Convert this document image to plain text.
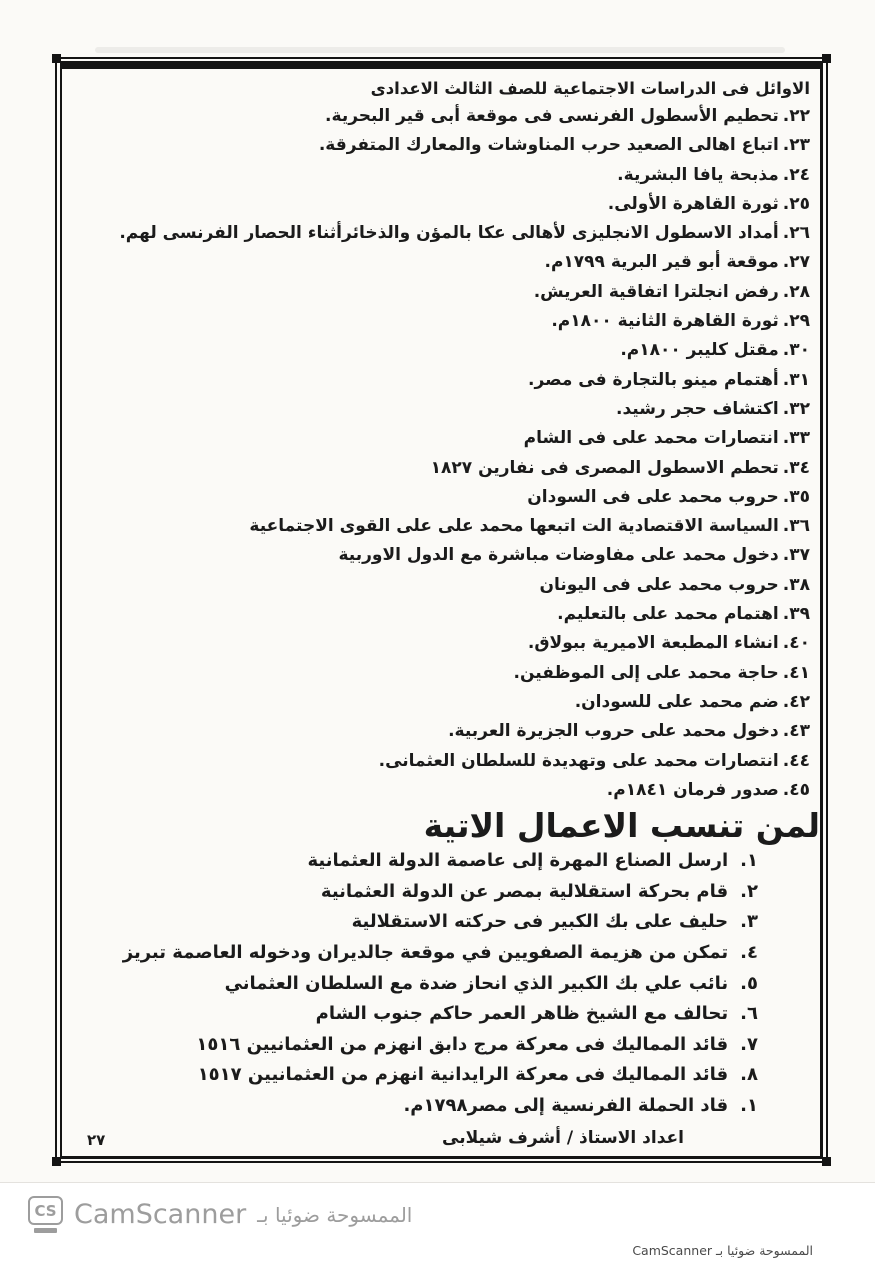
الاوائل فى الدراسات الاجتماعية للصف الثالث الاعدادى
٢٢.تحطيم الأسطول الفرنسى فى موقعة أبى قير البحرية.
٢٣.اتباع اهالى الصعيد حرب المناوشات والمعارك المتفرقة.
٢٤.مذبحة يافا البشرية.
٢٥.ثورة القاهرة الأولى.
٢٦.أمداد الاسطول الانجليزى لأهالى عكا بالمؤن والذخائرأثناء الحصار الفرنسى لهم.
٢٧.موقعة أبو قير البرية ١٧٩٩م.
٢٨.رفض انجلترا اتفاقية العريش.
٢٩.ثورة القاهرة الثانية ١٨٠٠م.
٣٠.مقتل كليبر ١٨٠٠م.
٣١.أهتمام مينو بالتجارة فى مصر.
٣٢.اكتشاف حجر رشيد.
٣٣.انتصارات محمد على فى الشام
٣٤.تحطم الاسطول المصرى فى نفارين ١٨٢٧
٣٥.حروب محمد على فى السودان
٣٦.السياسة الاقتصادية الت اتبعها محمد على على القوى الاجتماعية
٣٧.دخول محمد على مفاوضات مباشرة مع الدول الاوربية
٣٨.حروب محمد على فى اليونان
٣٩.اهتمام محمد على بالتعليم.
٤٠.انشاء المطبعة الاميرية ببولاق.
٤١.حاجة محمد على إلى الموظفين.
٤٢.ضم محمد على للسودان.
٤٣.دخول محمد على حروب الجزيرة العربية.
٤٤.انتصارات محمد على وتهديدة للسلطان العثمانى.
٤٥.صدور فرمان ١٨٤١م.
لمن تنسب الاعمال الاتية
١.ارسل الصناع المهرة إلى عاصمة الدولة العثمانية
٢.قام بحركة استقلالية بمصر عن الدولة العثمانية
٣.حليف على بك الكبير فى حركته الاستقلالية
٤.تمكن من هزيمة الصفويين في موقعة جالديران ودخوله العاصمة تبريز
٥.نائب علي بك الكبير الذي انحاز ضدة مع السلطان العثماني
٦.تحالف مع الشيخ ظاهر العمر حاكم جنوب الشام
٧.قائد المماليك فى معركة مرج دابق انهزم من العثمانيين ١٥١٦
٨.قائد المماليك فى معركة الرايدانية انهزم من العثمانيين ١٥١٧
١.قاد الحملة الفرنسية إلى مصر١٧٩٨م.
اعداد الاستاذ / أشرف شيلابى
٢٧
CS CamScanner الممسوحة ضوئيا بـ
الممسوحة ضوئيا بـ CamScanner
